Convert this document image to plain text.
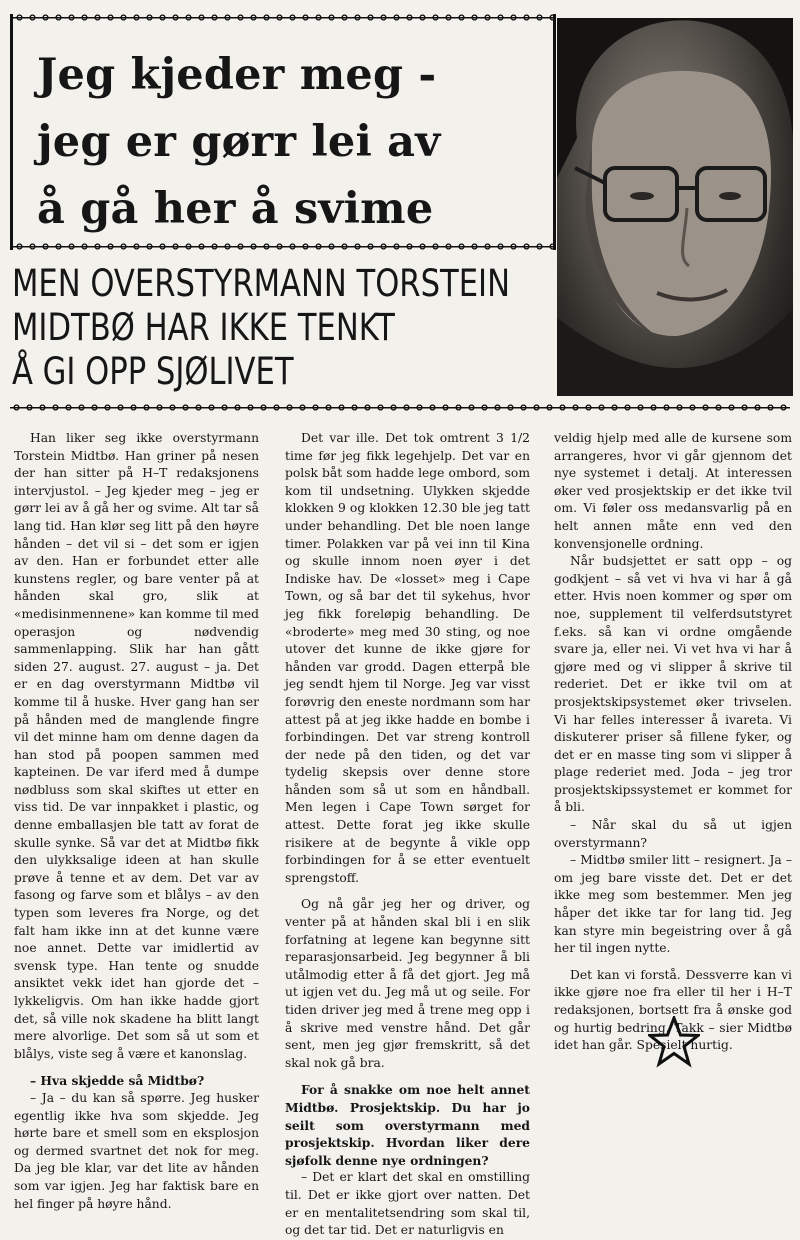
Jeg kjeder meg -
jeg er gørr lei av
å gå her å svime
MEN OVERSTYRMANN TORSTEIN
MIDTBØ HAR IKKE TENKT
Å GI OPP SJØLIVET

Han liker seg ikke overstyrmann Torstein Midtbø. Han griner på nesen der han sitter på H–T redaksjonens intervjustol. – Jeg kjeder meg – jeg er gørr lei av å gå her og svime. Alt tar så lang tid. Han klør seg litt på den høyre hånden – det vil si – det som er igjen av den. Han er forbundet etter alle kunstens regler, og bare venter på at hånden skal gro, slik at «medisinmennene» kan komme til med operasjon og nødvendig sammenlapping. Slik har han gått siden 27. august. 27. august – ja. Det er en dag overstyrmann Midtbø vil komme til å huske. Hver gang han ser på hånden med de manglende fingre vil det minne ham om denne dagen da han stod på poopen sammen med kapteinen. De var iferd med å dumpe nødbluss som skal skiftes ut etter en viss tid. De var innpakket i plastic, og denne emballasjen ble tatt av forat de skulle synke. Så var det at Midtbø fikk den ulykksalige ideen at han skulle prøve å tenne et av dem. Det var av fasong og farve som et blålys – av den typen som leveres fra Norge, og det falt ham ikke inn at det kunne være noe annet. Dette var imidlertid av svensk type. Han tente og snudde ansiktet vekk idet han gjorde det – lykkeligvis. Om han ikke hadde gjort det, så ville nok skadene ha blitt langt mere alvorlige. Det som så ut som et blålys, viste seg å være et kanonslag.

– Hva skjedde så Midtbø?

– Ja – du kan så spørre. Jeg husker egentlig ikke hva som skjedde. Jeg hørte bare et smell som en eksplosjon og dermed svartnet det nok for meg. Da jeg ble klar, var det lite av hånden som var igjen. Jeg har faktisk bare en hel finger på høyre hånd.

Det var ille. Det tok omtrent 3 1/2 time før jeg fikk legehjelp. Det var en polsk båt som hadde lege ombord, som kom til undsetning. Ulykken skjedde klokken 9 og klokken 12.30 ble jeg tatt under behandling. Det ble noen lange timer. Polakken var på vei inn til Kina og skulle innom noen øyer i det Indiske hav. De «losset» meg i Cape Town, og så bar det til sykehus, hvor jeg fikk foreløpig behandling. De «broderte» meg med 30 sting, og noe utover det kunne de ikke gjøre for hånden var grodd. Dagen etterpå ble jeg sendt hjem til Norge. Jeg var visst forøvrig den eneste nordmann som har attest på at jeg ikke hadde en bombe i forbindingen. Det var streng kontroll der nede på den tiden, og det var tydelig skepsis over denne store hånden som så ut som en håndball. Men legen i Cape Town sørget for attest. Dette forat jeg ikke skulle risikere at de begynte å vikle opp forbindingen for å se etter eventuelt sprengstoff.

Og nå går jeg her og driver, og venter på at hånden skal bli i en slik forfatning at legene kan begynne sitt reparasjonsarbeid. Jeg begynner å bli utålmodig etter å få det gjort. Jeg må ut igjen vet du. Jeg må ut og seile. For tiden driver jeg med å trene meg opp i å skrive med venstre hånd. Det går sent, men jeg gjør fremskritt, så det skal nok gå bra.

For å snakke om noe helt annet Midtbø. Prosjektskip. Du har jo seilt som overstyrmann med prosjektskip. Hvordan liker dere sjøfolk denne nye ordningen?

– Det er klart det skal en omstilling til. Det er ikke gjort over natten. Det er en mentalitetsendring som skal til, og det tar tid. Det er naturligvis en

veldig hjelp med alle de kursene som arrangeres, hvor vi går gjennom det nye systemet i detalj. At interessen øker ved prosjektskip er det ikke tvil om. Vi føler oss medansvarlig på en helt annen måte enn ved den konvensjonelle ordning.

Når budsjettet er satt opp – og godkjent – så vet vi hva vi har å gå etter. Hvis noen kommer og spør om noe, supplement til velferdsutstyret f.eks. så kan vi ordne omgående svare ja, eller nei. Vi vet hva vi har å gjøre med og vi slipper å skrive til rederiet. Det er ikke tvil om at prosjektskipsystemet øker trivselen. Vi har felles interesser å ivareta. Vi diskuterer priser så fillene fyker, og det er en masse ting som vi slipper å plage rederiet med. Joda – jeg tror prosjektskipssystemet er kommet for å bli.

– Når skal du så ut igjen overstyrmann?

– Midtbø smiler litt – resignert. Ja – om jeg bare visste det. Det er det ikke meg som bestemmer. Men jeg håper det ikke tar for lang tid. Jeg kan styre min begeistring over å gå her til ingen nytte.

Det kan vi forstå. Dessverre kan vi ikke gjøre noe fra eller til her i H–T redaksjonen, bortsett fra å ønske god og hurtig bedring. Takk – sier Midtbø idet han går. Spesielt hurtig.
